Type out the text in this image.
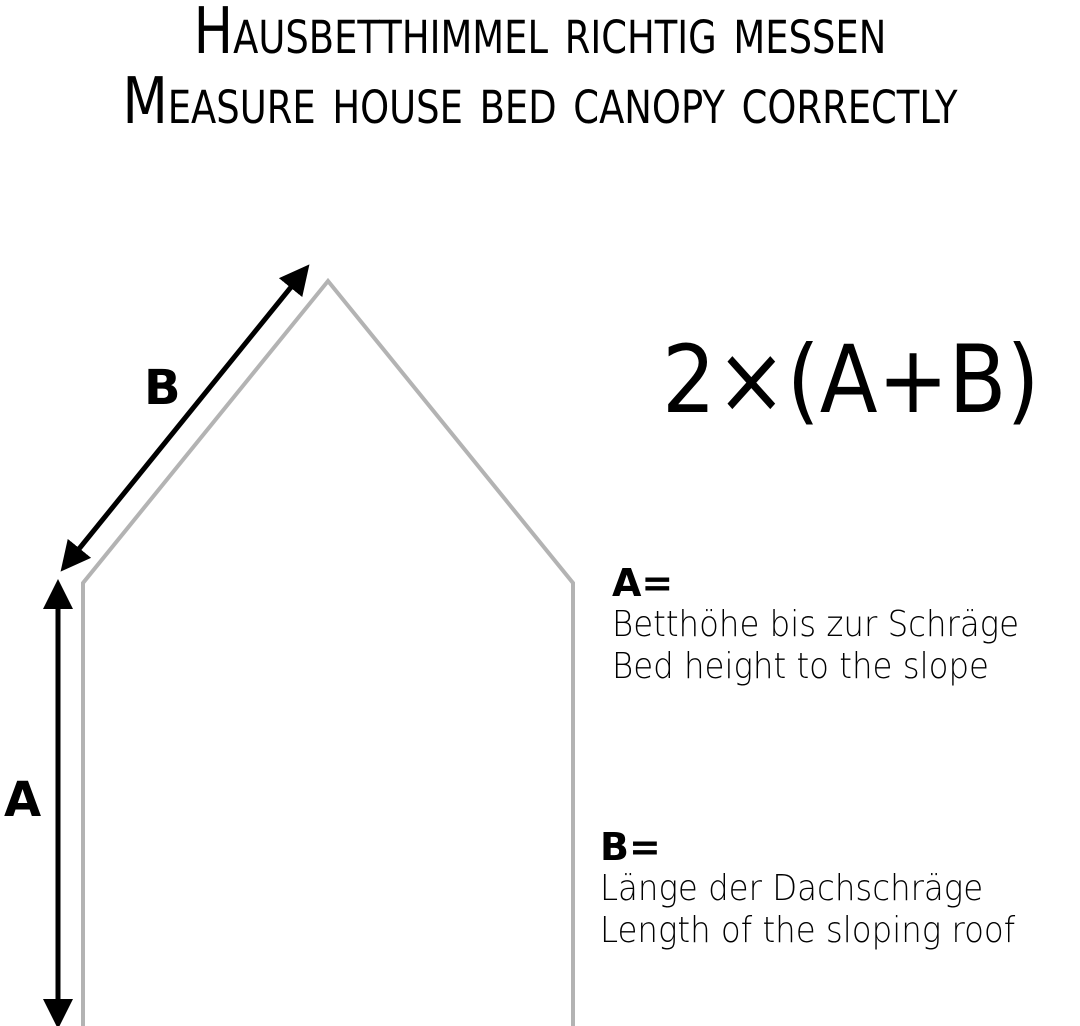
Hausbetthimmel richtig messen
Measure house bed canopy correctly
B
A
2×(A+B)
A=
Betthöhe bis zur Schräge
Bed height to the slope
B=
Länge der Dachschräge
Length of the sloping roof
